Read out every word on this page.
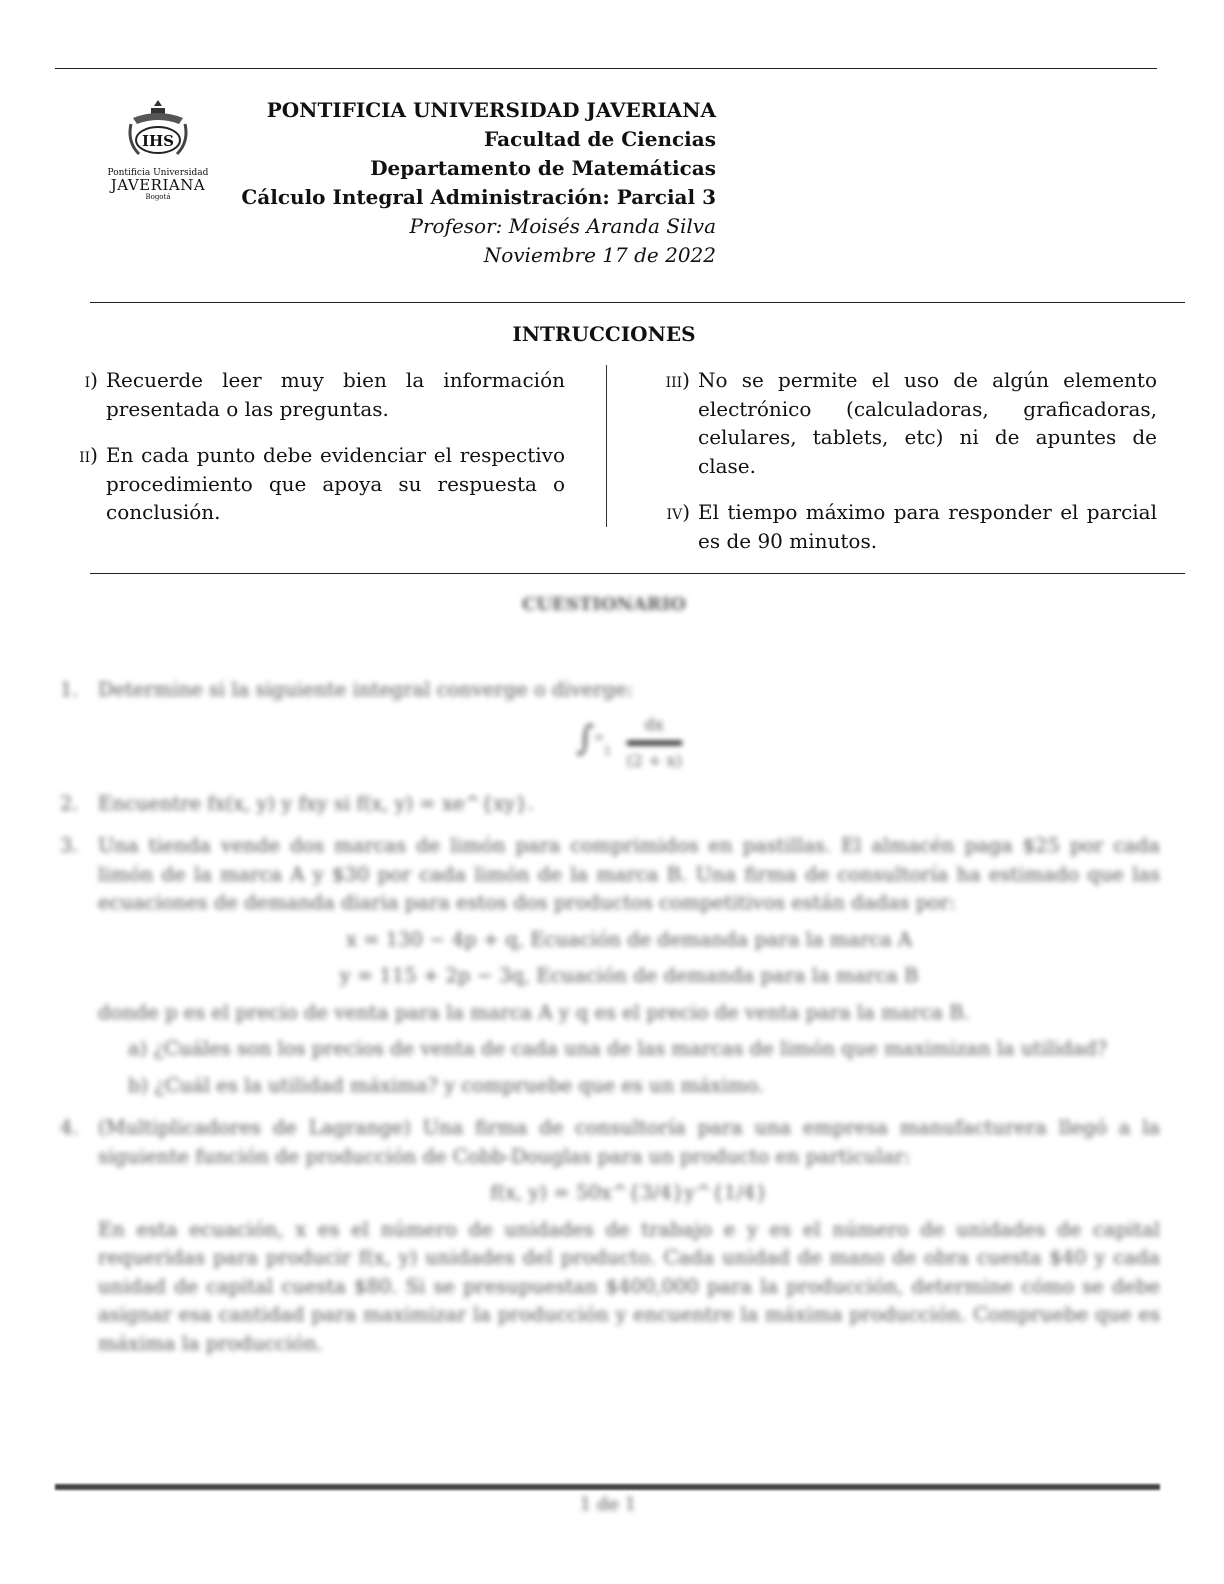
IHS
Pontificia Universidad
JAVERIANA
Bogotá
PONTIFICIA UNIVERSIDAD JAVERIANA
Facultad de Ciencias
Departamento de Matemáticas
Cálculo Integral Administración: Parcial 3
Profesor: Moisés Aranda Silva
Noviembre 17 de 2022
INTRUCCIONES
i) Recuerde leer muy bien la información presentada o las preguntas.
ii) En cada punto debe evidenciar el respectivo procedimiento que apoya su respuesta o conclusión.
iii) No se permite el uso de algún elemento electrónico (calculadoras, graficadoras, celulares, tablets, etc) ni de apuntes de clase.
iv) El tiempo máximo para responder el parcial es de 90 minutos.
CUESTIONARIO
1. Determine si la siguiente integral converge o diverge:
$\int^\infty_1 \frac{dx}{(2 + x)}$
2. Encuentre fx(x, y) y fxy si f(x, y) = xe^{xy}.
3. Una tienda vende dos marcas de limón para comprimidos en pastillas. El almacén paga $25 por cada limón de la marca A y $30 por cada limón de la marca B. Una firma de consultoría ha estimado que las ecuaciones de demanda diaria para estos dos productos competitivos están dadas por:
x = 130 − 4p + q, Ecuación de demanda para la marca A
y = 115 + 2p − 3q, Ecuación de demanda para la marca B
donde p es el precio de venta para la marca A y q es el precio de venta para la marca B.
a) ¿Cuáles son los precios de venta de cada una de las marcas de limón que maximizan la utilidad?
b) ¿Cuál es la utilidad máxima? y compruebe que es un máximo.
4. (Multiplicadores de Lagrange) Una firma de consultoría para una empresa manufacturera llegó a la siguiente función de producción de Cobb-Douglas para un producto en particular:
f(x, y) = 50x^{3/4}y^{1/4}
En esta ecuación, x es el número de unidades de trabajo e y es el número de unidades de capital requeridas para producir f(x, y) unidades del producto. Cada unidad de mano de obra cuesta $40 y cada unidad de capital cuesta $80. Si se presupuestan $400,000 para la producción, determine cómo se debe asignar esa cantidad para maximizar la producción y encuentre la máxima producción. Compruebe que es máxima la producción.
1 de 1
